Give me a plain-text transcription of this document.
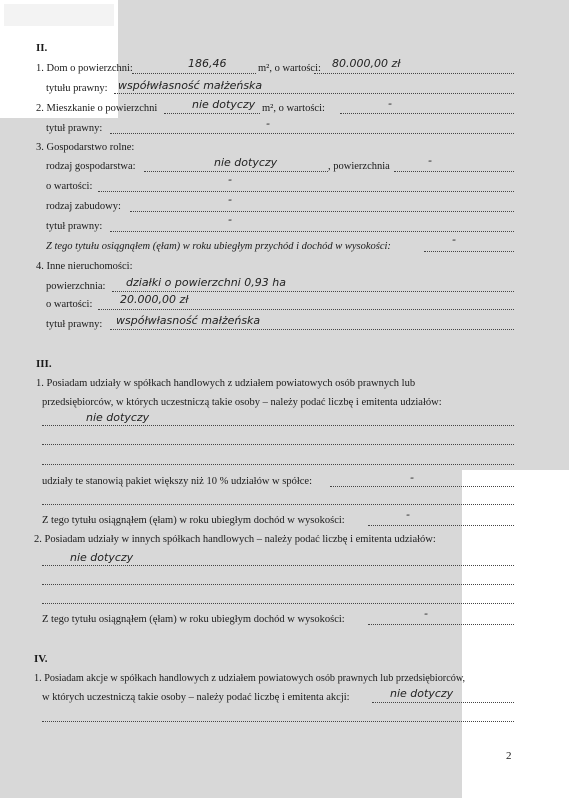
II.
1. Dom o powierzchni:	186,46	m², o wartości: 80.000,00 zł
tytułu prawny: współwłasność małżeńska
2. Mieszkanie o powierzchni	nie dotyczy m², o wartości:	-
tytuł prawny:	-
3. Gospodarstwo rolne:
rodzaj gospodarstwa:	nie dotyczy	, powierzchnia	-
o wartości:
-
rodzaj zabudowy:
-
tytuł prawny:
-
Z tego tytułu osiągnąłem (ęłam) w roku ubiegłym przychód i dochód w wysokości:
-
4. Inne nieruchomości:
powierzchnia: działki o powierzchni 0,93 ha
o wartości:	20.000,00 zł
tytuł prawny: współwłasność małżeńska
III.
1. Posiadam udziały w spółkach handlowych z udziałem powiatowych osób prawnych lub
przedsiębiorców, w których uczestniczą takie osoby – należy podać liczbę i emitenta udziałów:
nie dotyczy
udziały te stanowią pakiet większy niż 10 % udziałów w spółce:	-
Z tego tytułu osiągnąłem (ęłam) w roku ubiegłym dochód w wysokości:	-
2. Posiadam udziały w innych spółkach handlowych – należy podać liczbę i emitenta udziałów:
nie dotyczy
Z tego tytułu osiągnąłem (ęłam) w roku ubiegłym dochód w wysokości:	-
IV.
1. Posiadam akcje w spółkach handlowych z udziałem powiatowych osób prawnych lub przedsiębiorców,
w których uczestniczą takie osoby – należy podać liczbę i emitenta akcji:	nie dotyczy
2
